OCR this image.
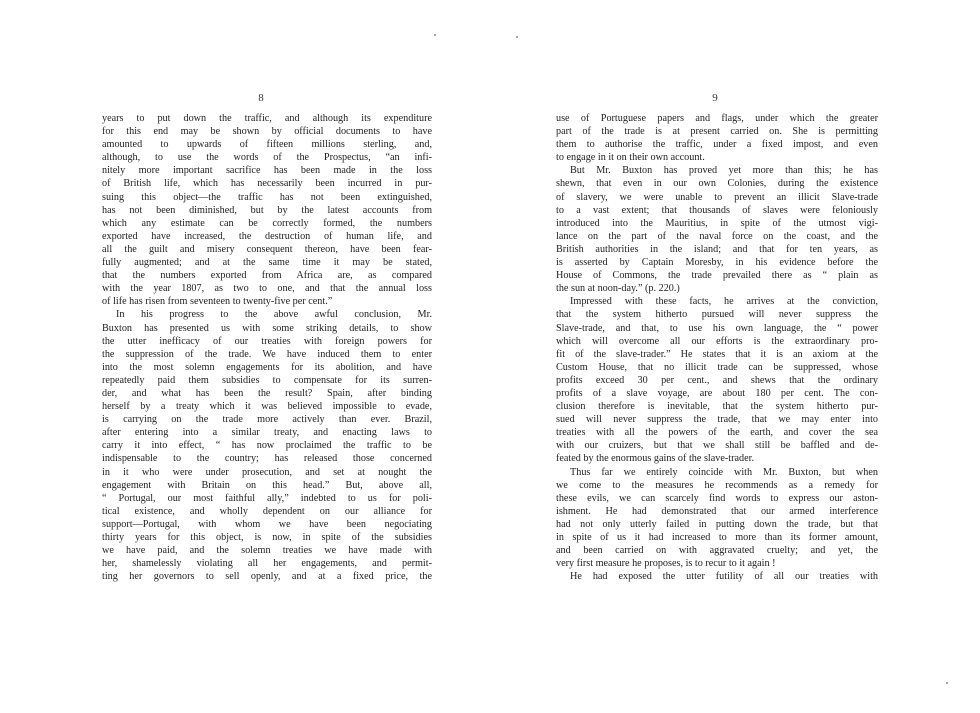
8
years to put down the traffic, and although its expenditure
for this end may be shown by official documents to have
amounted to upwards of fifteen millions sterling, and,
although, to use the words of the Prospectus, “an infi-
nitely more important sacrifice has been made in the loss
of British life, which has necessarily been incurred in pur-
suing this object—the traffic has not been extinguished,
has not been diminished, but by the latest accounts from
which any estimate can be correctly formed, the numbers
exported have increased, the destruction of human life, and
all the guilt and misery consequent thereon, have been fear-
fully augmented; and at the same time it may be stated,
that the numbers exported from Africa are, as compared
with the year 1807, as two to one, and that the annual loss
of life has risen from seventeen to twenty-five per cent.”
In his progress to the above awful conclusion, Mr.
Buxton has presented us with some striking details, to show
the utter inefficacy of our treaties with foreign powers for
the suppression of the trade. We have induced them to enter
into the most solemn engagements for its abolition, and have
repeatedly paid them subsidies to compensate for its surren-
der, and what has been the result? Spain, after binding
herself by a treaty which it was believed impossible to evade,
is carrying on the trade more actively than ever. Brazil,
after entering into a similar treaty, and enacting laws to
carry it into effect, “ has now proclaimed the traffic to be
indispensable to the country; has released those concerned
in it who were under prosecution, and set at nought the
engagement with Britain on this head.” But, above all,
“ Portugal, our most faithful ally,” indebted to us for poli-
tical existence, and wholly dependent on our alliance for
support—Portugal, with whom we have been negociating
thirty years for this object, is now, in spite of the subsidies
we have paid, and the solemn treaties we have made with
her, shamelessly violating all her engagements, and permit-
ting her governors to sell openly, and at a fixed price, the
9
use of Portuguese papers and flags, under which the greater
part of the trade is at present carried on. She is permitting
them to authorise the traffic, under a fixed impost, and even
to engage in it on their own account.
But Mr. Buxton has proved yet more than this; he has
shewn, that even in our own Colonies, during the existence
of slavery, we were unable to prevent an illicit Slave-trade
to a vast extent; that thousands of slaves were feloniously
introduced into the Mauritius, in spite of the utmost vigi-
lance on the part of the naval force on the coast, and the
British authorities in the island; and that for ten years, as
is asserted by Captain Moresby, in his evidence before the
House of Commons, the trade prevailed there as “ plain as
the sun at noon-day.” (p. 220.)
Impressed with these facts, he arrives at the conviction,
that the system hitherto pursued will never suppress the
Slave-trade, and that, to use his own language, the “ power
which will overcome all our efforts is the extraordinary pro-
fit of the slave-trader.” He states that it is an axiom at the
Custom House, that no illicit trade can be suppressed, whose
profits exceed 30 per cent., and shews that the ordinary
profits of a slave voyage, are about 180 per cent. The con-
clusion therefore is inevitable, that the system hitherto pur-
sued will never suppress the trade, that we may enter into
treaties with all the powers of the earth, and cover the sea
with our cruizers, but that we shall still be baffled and de-
feated by the enormous gains of the slave-trader.
Thus far we entirely coincide with Mr. Buxton, but when
we come to the measures he recommends as a remedy for
these evils, we can scarcely find words to express our aston-
ishment. He had demonstrated that our armed interference
had not only utterly failed in putting down the trade, but that
in spite of us it had increased to more than its former amount,
and been carried on with aggravated cruelty; and yet, the
very first measure he proposes, is to recur to it again !
He had exposed the utter futility of all our treaties with
